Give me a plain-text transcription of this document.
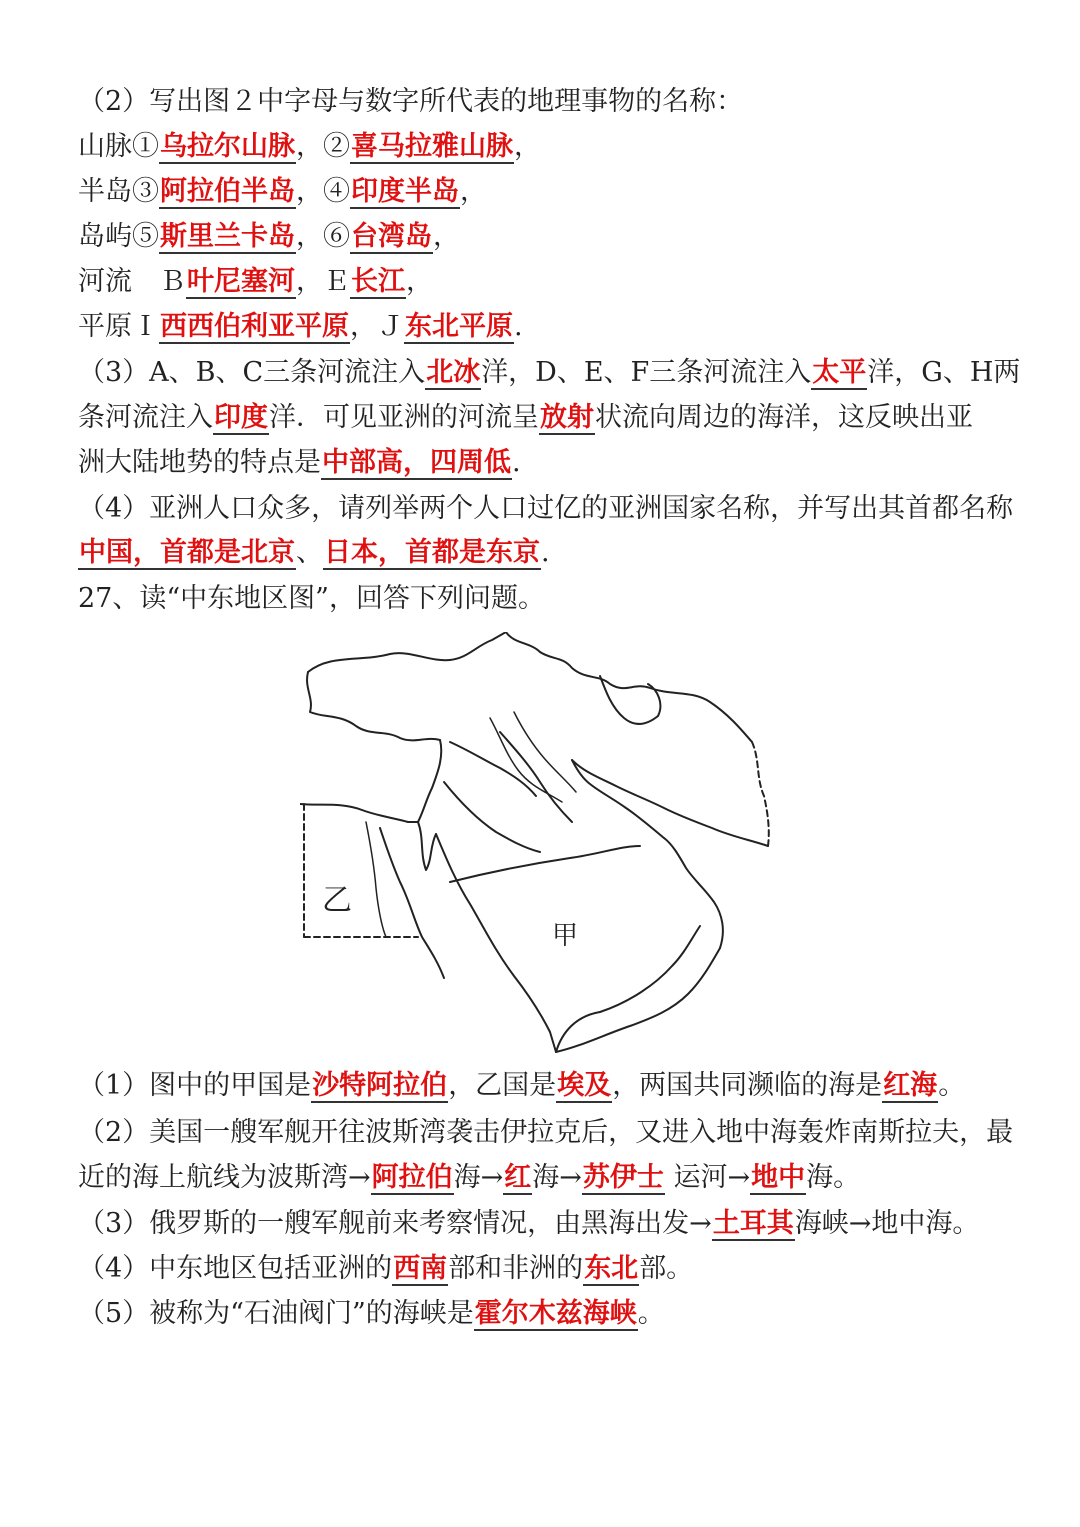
（2）写出图２中字母与数字所代表的地理事物的名称：
山脉①乌拉尔山脉，②喜马拉雅山脉，
半岛③阿拉伯半岛，④印度半岛，
岛屿⑤斯里兰卡岛，⑥台湾岛，
河流　Ｂ叶尼塞河，Ｅ长江，
平原Ｉ西西伯利亚平原，Ｊ东北平原.
（3）A、B、C三条河流注入北冰洋，D、E、F三条河流注入太平洋，G、H两
条河流注入印度洋．可见亚洲的河流呈放射状流向周边的海洋，这反映出亚
洲大陆地势的特点是中部高，四周低.
（4）亚洲人口众多，请列举两个人口过亿的亚洲国家名称，并写出其首都名称
中国，首都是北京、日本，首都是东京.
27、读“中东地区图”，回答下列问题。
乙
甲
（1）图中的甲国是沙特阿拉伯，乙国是埃及，两国共同濒临的海是红海。
（2）美国一艘军舰开往波斯湾袭击伊拉克后，又进入地中海轰炸南斯拉夫，最
近的海上航线为波斯湾→阿拉伯海→红海→苏伊士 运河→地中海。
（3）俄罗斯的一艘军舰前来考察情况，由黑海出发→土耳其海峡→地中海。
（4）中东地区包括亚洲的西南部和非洲的东北部。
（5）被称为“石油阀门”的海峡是霍尔木兹海峡。
